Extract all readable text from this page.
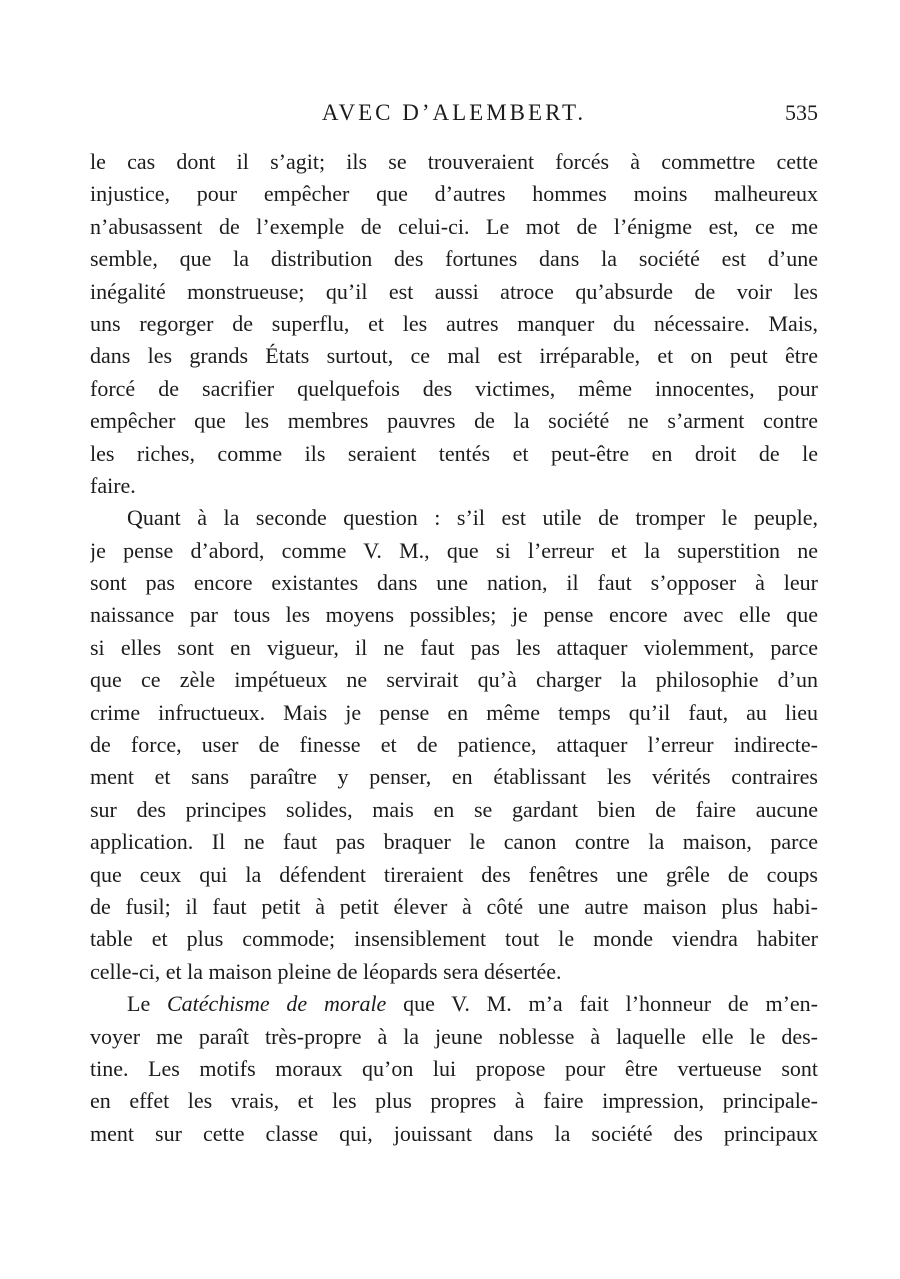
AVEC D’ALEMBERT.	535
le cas dont il s’agit; ils se trouveraient forcés à commettre cette
injustice, pour empêcher que d’autres hommes moins malheureux
n’abusassent de l’exemple de celui-ci. Le mot de l’énigme est, ce me
semble, que la distribution des fortunes dans la société est d’une
inégalité monstrueuse; qu’il est aussi atroce qu’absurde de voir les
uns regorger de superflu, et les autres manquer du nécessaire. Mais,
dans les grands États surtout, ce mal est irréparable, et on peut être
forcé de sacrifier quelquefois des victimes, même innocentes, pour
empêcher que les membres pauvres de la société ne s’arment contre
les riches, comme ils seraient tentés et peut-être en droit de le
faire.
Quant à la seconde question : s’il est utile de tromper le peuple,
je pense d’abord, comme V. M., que si l’erreur et la superstition ne
sont pas encore existantes dans une nation, il faut s’opposer à leur
naissance par tous les moyens possibles; je pense encore avec elle que
si elles sont en vigueur, il ne faut pas les attaquer violemment, parce
que ce zèle impétueux ne servirait qu’à charger la philosophie d’un
crime infructueux. Mais je pense en même temps qu’il faut, au lieu
de force, user de finesse et de patience, attaquer l’erreur indirecte-
ment et sans paraître y penser, en établissant les vérités contraires
sur des principes solides, mais en se gardant bien de faire aucune
application. Il ne faut pas braquer le canon contre la maison, parce
que ceux qui la défendent tireraient des fenêtres une grêle de coups
de fusil; il faut petit à petit élever à côté une autre maison plus habi-
table et plus commode; insensiblement tout le monde viendra habiter
celle-ci, et la maison pleine de léopards sera désertée.
Le Catéchisme de morale que V. M. m’a fait l’honneur de m’en-
voyer me paraît très-propre à la jeune noblesse à laquelle elle le des-
tine. Les motifs moraux qu’on lui propose pour être vertueuse sont
en effet les vrais, et les plus propres à faire impression, principale-
ment sur cette classe qui, jouissant dans la société des principaux
